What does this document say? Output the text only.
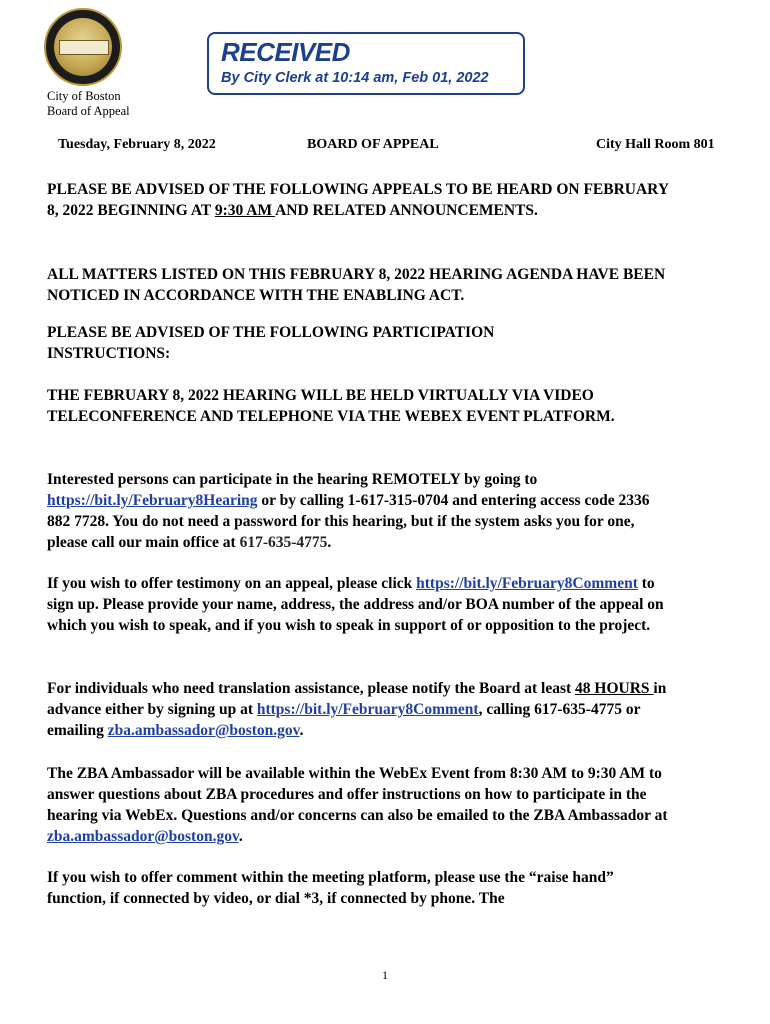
RECEIVED
By City Clerk at 10:14 am, Feb 01, 2022
City of Boston
Board of Appeal
Tuesday, February 8, 2022	BOARD OF APPEAL	City Hall Room 801

PLEASE BE ADVISED OF THE FOLLOWING APPEALS TO BE HEARD ON FEBRUARY 8, 2022 BEGINNING AT 9:30 AM AND RELATED ANNOUNCEMENTS.

ALL MATTERS LISTED ON THIS FEBRUARY 8, 2022 HEARING AGENDA HAVE BEEN NOTICED IN ACCORDANCE WITH THE ENABLING ACT.

PLEASE BE ADVISED OF THE FOLLOWING PARTICIPATION INSTRUCTIONS:

THE FEBRUARY 8, 2022 HEARING WILL BE HELD VIRTUALLY VIA VIDEO TELECONFERENCE AND TELEPHONE VIA THE WEBEX EVENT PLATFORM.

Interested persons can participate in the hearing REMOTELY by going to https://bit.ly/February8Hearing or by calling 1-617-315-0704 and entering access code 2336 882 7728. You do not need a password for this hearing, but if the system asks you for one, please call our main office at 617-635-4775.

If you wish to offer testimony on an appeal, please click https://bit.ly/February8Comment to sign up. Please provide your name, address, the address and/or BOA number of the appeal on which you wish to speak, and if you wish to speak in support of or opposition to the project.

For individuals who need translation assistance, please notify the Board at least 48 HOURS in advance either by signing up at https://bit.ly/February8Comment, calling 617-635-4775 or emailing zba.ambassador@boston.gov.

The ZBA Ambassador will be available within the WebEx Event from 8:30 AM to 9:30 AM to answer questions about ZBA procedures and offer instructions on how to participate in the hearing via WebEx. Questions and/or concerns can also be emailed to the ZBA Ambassador at zba.ambassador@boston.gov.

If you wish to offer comment within the meeting platform, please use the “raise hand” function, if connected by video, or dial *3, if connected by phone. The

1
